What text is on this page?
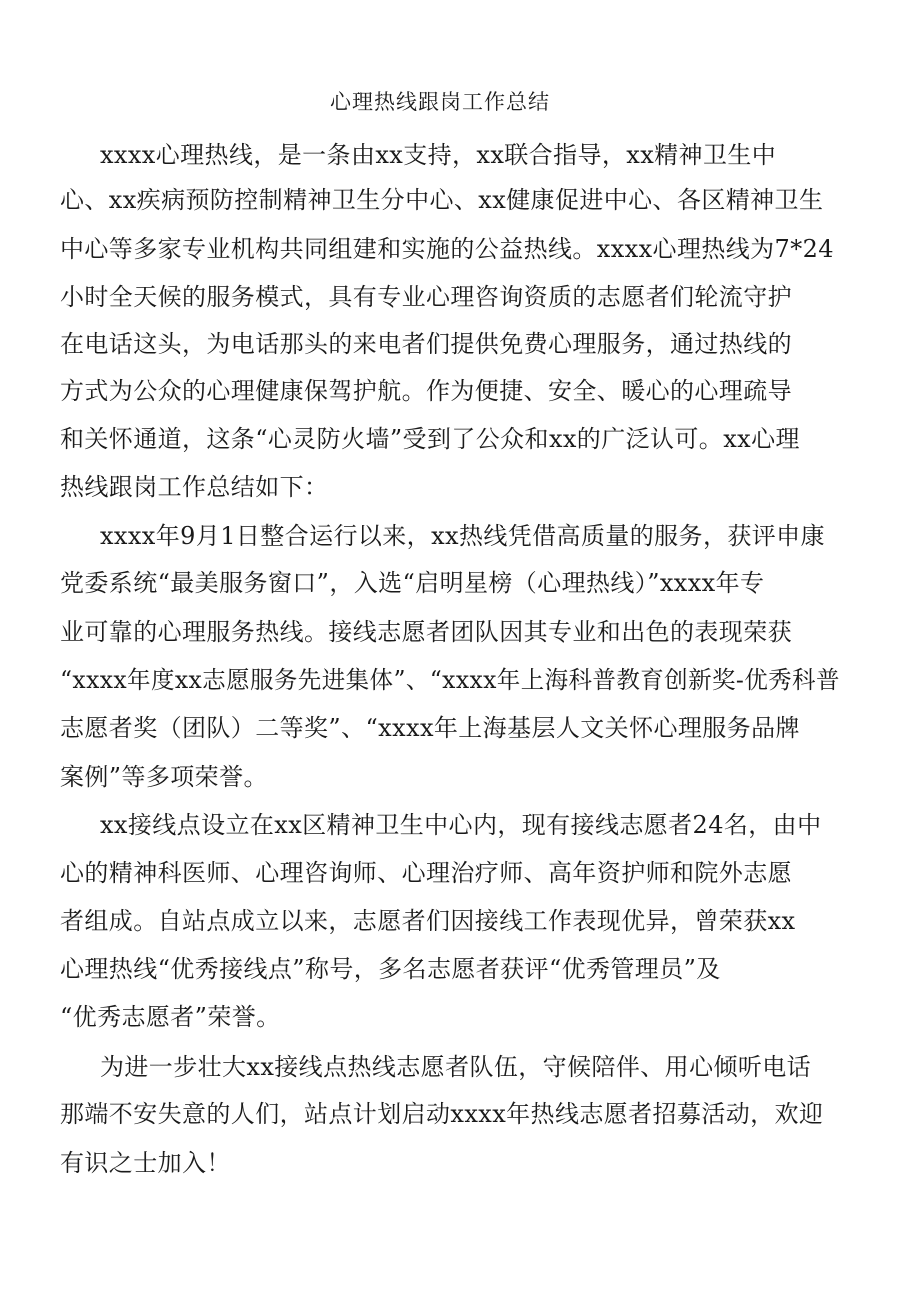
心理热线跟岗工作总结
xxxx心理热线，是一条由xx支持，xx联合指导，xx精神卫生中
心、xx疾病预防控制精神卫生分中心、xx健康促进中心、各区精神卫生
中心等多家专业机构共同组建和实施的公益热线。xxxx心理热线为7*24
小时全天候的服务模式，具有专业心理咨询资质的志愿者们轮流守护
在电话这头，为电话那头的来电者们提供免费心理服务，通过热线的
方式为公众的心理健康保驾护航。作为便捷、安全、暖心的心理疏导
和关怀通道，这条“心灵防火墙”受到了公众和xx的广泛认可。xx心理
热线跟岗工作总结如下：
xxxx年9月1日整合运行以来，xx热线凭借高质量的服务，获评申康
党委系统“最美服务窗口”，入选“启明星榜（心理热线）”xxxx年专
业可靠的心理服务热线。接线志愿者团队因其专业和出色的表现荣获
“xxxx年度xx志愿服务先进集体”、“xxxx年上海科普教育创新奖-优秀科普
志愿者奖（团队）二等奖”、“xxxx年上海基层人文关怀心理服务品牌
案例”等多项荣誉。
xx接线点设立在xx区精神卫生中心内，现有接线志愿者24名，由中
心的精神科医师、心理咨询师、心理治疗师、高年资护师和院外志愿
者组成。自站点成立以来，志愿者们因接线工作表现优异，曾荣获xx
心理热线“优秀接线点”称号，多名志愿者获评“优秀管理员”及
“优秀志愿者”荣誉。
为进一步壮大xx接线点热线志愿者队伍，守候陪伴、用心倾听电话
那端不安失意的人们，站点计划启动xxxx年热线志愿者招募活动，欢迎
有识之士加入！
